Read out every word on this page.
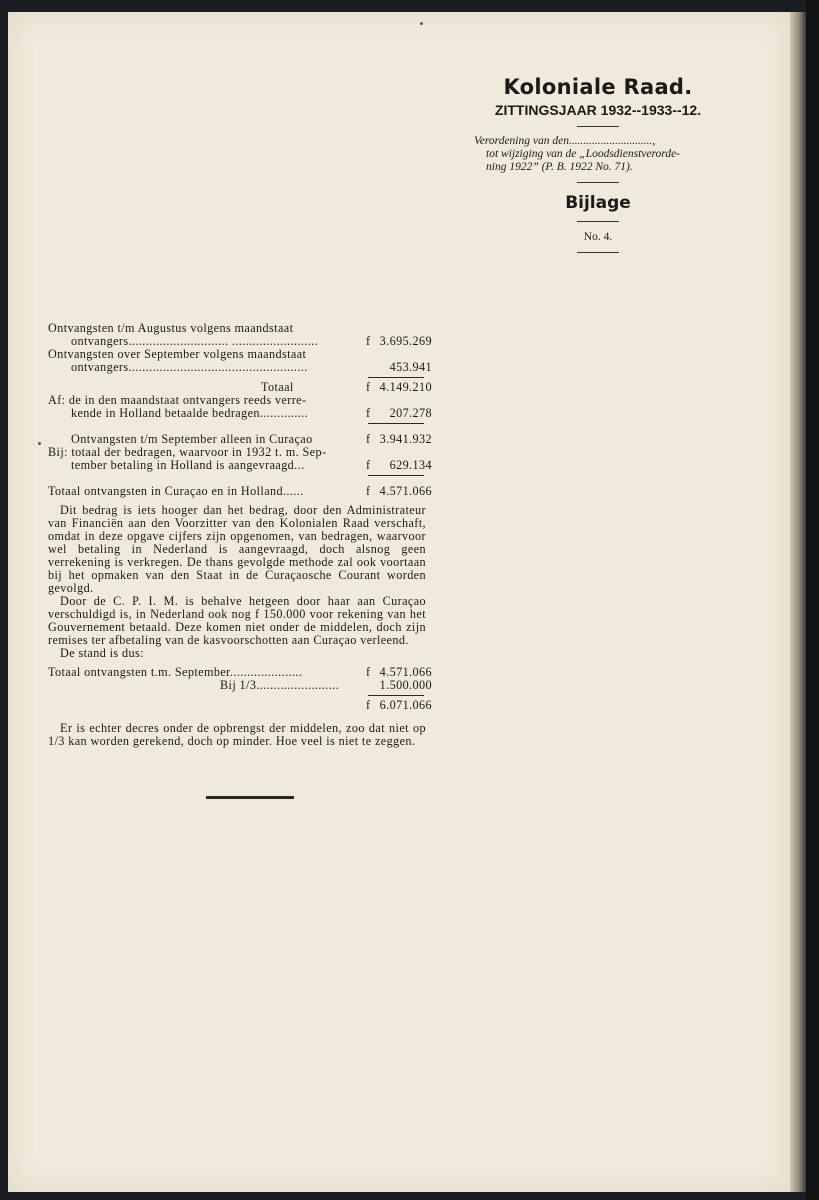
Koloniale Raad.
ZITTINGSJAAR 1932--1933--12.
Verordening van den.............................,
tot wijziging van de „Loodsdienstverorde-
ning 1922” (P. B. 1922 No. 71).
Bijlage
No. 4.
Ontvangsten t/m Augustus volgens maandstaat
ontvangers............................. .........................	f 3.695.269
Ontvangsten over September volgens maandstaat
ontvangers....................................................	453.941
Totaal	f 4.149.210
Af: de in den maandstaat ontvangers reeds verre-
kende in Holland betaalde bedragen..............	f 207.278
Ontvangsten t/m September alleen in Curaçao	f 3.941.932
Bij: totaal der bedragen, waarvoor in 1932 t. m. Sep-
tember betaling in Holland is aangevraagd...	f 629.134
Totaal ontvangsten in Curaçao en in Holland......	f 4.571.066

Dit bedrag is iets hooger dan het bedrag, door den Administrateur van Financiën aan den Voorzitter van den Kolonialen Raad verschaft, omdat in deze opgave cijfers zijn opgenomen, van bedragen, waarvoor wel betaling in Nederland is aangevraagd, doch alsnog geen verrekening is verkregen. De thans gevolgde methode zal ook voortaan bij het opmaken van den Staat in de Curaçaosche Courant worden gevolgd.

Door de C. P. I. M. is behalve hetgeen door haar aan Curaçao verschuldigd is, in Nederland ook nog f 150.000 voor rekening van het Gouvernement betaald. Deze komen niet onder de middelen, doch zijn remises ter afbetaling van de kasvoorschotten aan Curaçao verleend.

De stand is dus:

Totaal ontvangsten t.m. September.....................	f 4.571.066
Bij 1/3........................	1.500.000
f 6.071.066

Er is echter decres onder de opbrengst der middelen, zoo dat niet op 1/3 kan worden gerekend, doch op minder. Hoe veel is niet te zeggen.
